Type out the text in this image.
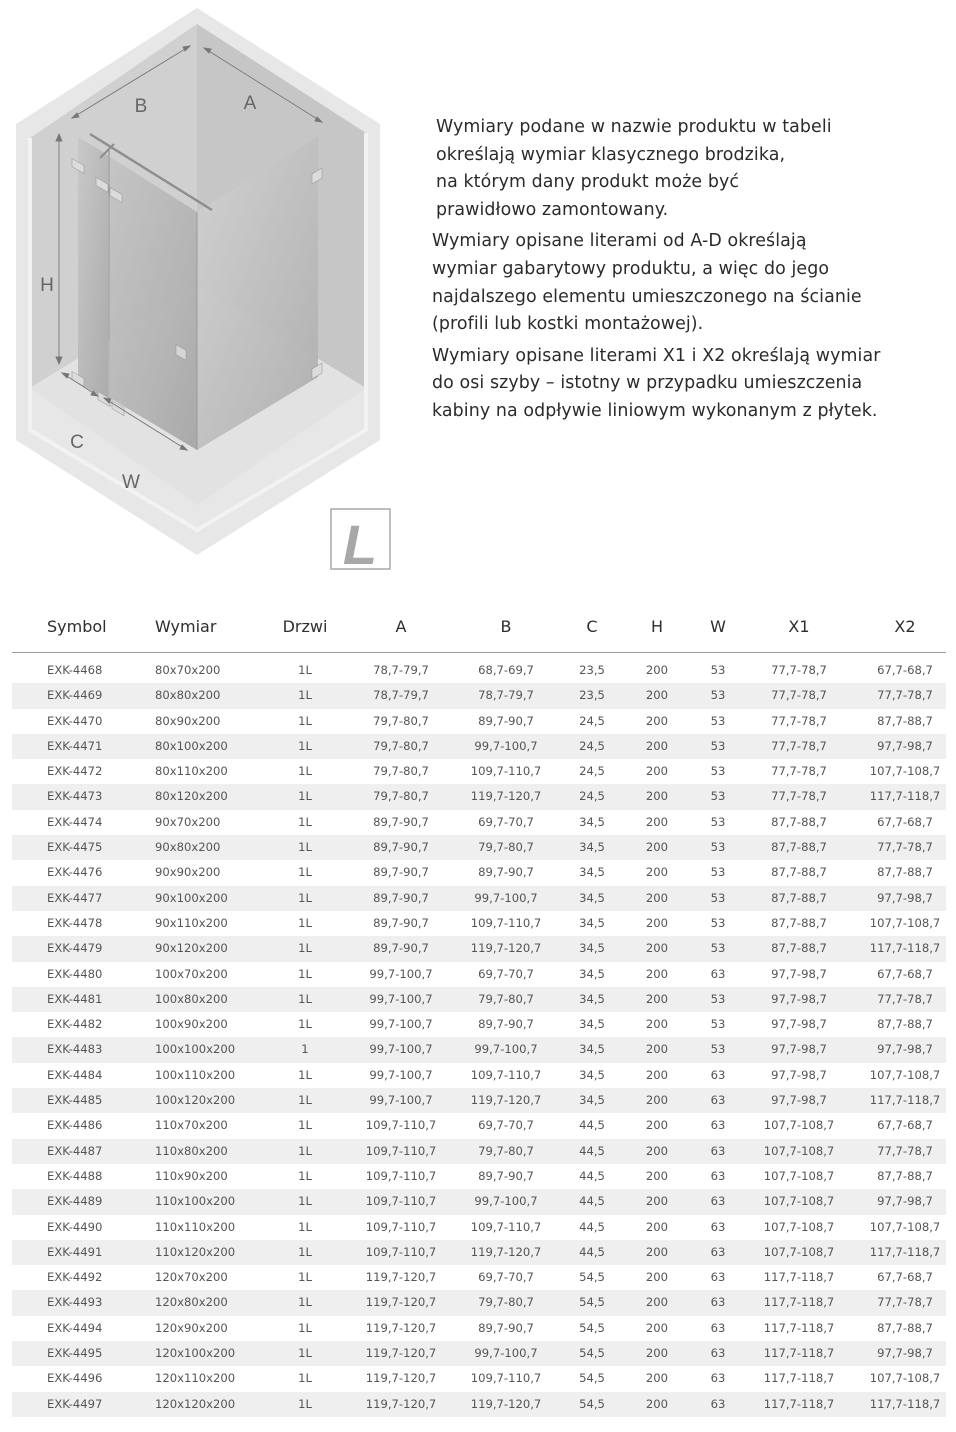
B	A
H
C
W
L

Wymiary podane w nazwie produktu w tabeli
określają wymiar klasycznego brodzika,
na którym dany produkt może być
prawidłowo zamontowany.

Wymiary opisane literami od A-D określają
wymiar gabarytowy produktu, a więc do jego
najdalszego elementu umieszczonego na ścianie
(profili lub kostki montażowej).

Wymiary opisane literami X1 i X2 określają wymiar
do osi szyby – istotny w przypadku umieszczenia
kabiny na odpływie liniowym wykonanym z płytek.

Symbol	Wymiar	Drzwi	A	B	C	H	W	X1	X2
EXK-4468	80x70x200	1L	78,7-79,7	68,7-69,7	23,5	200	53	77,7-78,7	67,7-68,7
EXK-4469	80x80x200	1L	78,7-79,7	78,7-79,7	23,5	200	53	77,7-78,7	77,7-78,7
EXK-4470	80x90x200	1L	79,7-80,7	89,7-90,7	24,5	200	53	77,7-78,7	87,7-88,7
EXK-4471	80x100x200	1L	79,7-80,7	99,7-100,7	24,5	200	53	77,7-78,7	97,7-98,7
EXK-4472	80x110x200	1L	79,7-80,7	109,7-110,7	24,5	200	53	77,7-78,7	107,7-108,7
EXK-4473	80x120x200	1L	79,7-80,7	119,7-120,7	24,5	200	53	77,7-78,7	117,7-118,7
EXK-4474	90x70x200	1L	89,7-90,7	69,7-70,7	34,5	200	53	87,7-88,7	67,7-68,7
EXK-4475	90x80x200	1L	89,7-90,7	79,7-80,7	34,5	200	53	87,7-88,7	77,7-78,7
EXK-4476	90x90x200	1L	89,7-90,7	89,7-90,7	34,5	200	53	87,7-88,7	87,7-88,7
EXK-4477	90x100x200	1L	89,7-90,7	99,7-100,7	34,5	200	53	87,7-88,7	97,7-98,7
EXK-4478	90x110x200	1L	89,7-90,7	109,7-110,7	34,5	200	53	87,7-88,7	107,7-108,7
EXK-4479	90x120x200	1L	89,7-90,7	119,7-120,7	34,5	200	53	87,7-88,7	117,7-118,7
EXK-4480	100x70x200	1L	99,7-100,7	69,7-70,7	34,5	200	63	97,7-98,7	67,7-68,7
EXK-4481	100x80x200	1L	99,7-100,7	79,7-80,7	34,5	200	53	97,7-98,7	77,7-78,7
EXK-4482	100x90x200	1L	99,7-100,7	89,7-90,7	34,5	200	53	97,7-98,7	87,7-88,7
EXK-4483	100x100x200	1	99,7-100,7	99,7-100,7	34,5	200	53	97,7-98,7	97,7-98,7
EXK-4484	100x110x200	1L	99,7-100,7	109,7-110,7	34,5	200	63	97,7-98,7	107,7-108,7
EXK-4485	100x120x200	1L	99,7-100,7	119,7-120,7	34,5	200	63	97,7-98,7	117,7-118,7
EXK-4486	110x70x200	1L	109,7-110,7	69,7-70,7	44,5	200	63	107,7-108,7	67,7-68,7
EXK-4487	110x80x200	1L	109,7-110,7	79,7-80,7	44,5	200	63	107,7-108,7	77,7-78,7
EXK-4488	110x90x200	1L	109,7-110,7	89,7-90,7	44,5	200	63	107,7-108,7	87,7-88,7
EXK-4489	110x100x200	1L	109,7-110,7	99,7-100,7	44,5	200	63	107,7-108,7	97,7-98,7
EXK-4490	110x110x200	1L	109,7-110,7	109,7-110,7	44,5	200	63	107,7-108,7	107,7-108,7
EXK-4491	110x120x200	1L	109,7-110,7	119,7-120,7	44,5	200	63	107,7-108,7	117,7-118,7
EXK-4492	120x70x200	1L	119,7-120,7	69,7-70,7	54,5	200	63	117,7-118,7	67,7-68,7
EXK-4493	120x80x200	1L	119,7-120,7	79,7-80,7	54,5	200	63	117,7-118,7	77,7-78,7
EXK-4494	120x90x200	1L	119,7-120,7	89,7-90,7	54,5	200	63	117,7-118,7	87,7-88,7
EXK-4495	120x100x200	1L	119,7-120,7	99,7-100,7	54,5	200	63	117,7-118,7	97,7-98,7
EXK-4496	120x110x200	1L	119,7-120,7	109,7-110,7	54,5	200	63	117,7-118,7	107,7-108,7
EXK-4497	120x120x200	1L	119,7-120,7	119,7-120,7	54,5	200	63	117,7-118,7	117,7-118,7
